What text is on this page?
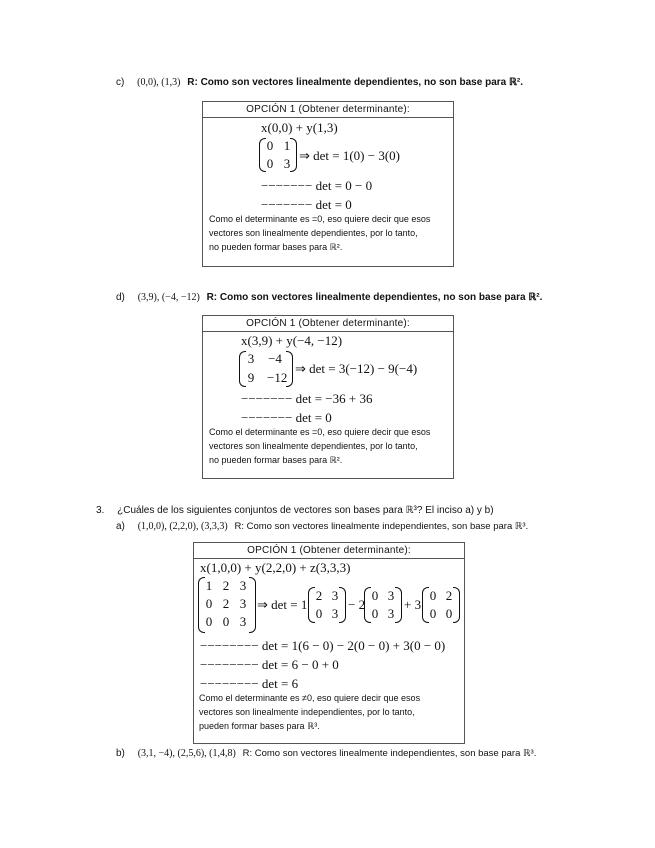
c) (0,0), (1,3) R: Como son vectores linealmente dependientes, no son base para ℝ².
OPCIÓN 1 (Obtener determinante):
x(0,0) + y(1,3)
0 1
0 3
⇒ det = 1(0) − 3(0)
−−−−−−− det = 0 − 0
−−−−−−− det = 0
Como el determinante es =0, eso quiere decir que esos
vectores son linealmente dependientes, por lo tanto,
no pueden formar bases para ℝ².
d) (3,9), (−4, −12) R: Como son vectores linealmente dependientes, no son base para ℝ².
OPCIÓN 1 (Obtener determinante):
x(3,9) + y(−4, −12)
3	−4
9 −12
⇒ det = 3(−12) − 9(−4)
−−−−−−− det = −36 + 36
−−−−−−− det = 0
Como el determinante es =0, eso quiere decir que esos
vectores son linealmente dependientes, por lo tanto,
no pueden formar bases para ℝ².
3. ¿Cuáles de los siguientes conjuntos de vectores son bases para ℝ³? El inciso a) y b)
a) (1,0,0), (2,2,0), (3,3,3) R: Como son vectores linealmente independientes, son base para ℝ³.
OPCIÓN 1 (Obtener determinante):
x(1,0,0) + y(2,2,0) + z(3,3,3)
1 2 3
0 2 3
0 0 3
⇒ det = 1
2 3
0 3
− 2
0 3
0 3
+ 3
0 2
0 0
−−−−−−−− det = 1(6 − 0) − 2(0 − 0) + 3(0 − 0)
−−−−−−−− det = 6 − 0 + 0
−−−−−−−− det = 6
Como el determinante es ≠0, eso quiere decir que esos
vectores son linealmente independientes, por lo tanto,
pueden formar bases para ℝ³.
b) (3,1, −4), (2,5,6), (1,4,8) R: Como son vectores linealmente independientes, son base para ℝ³.
